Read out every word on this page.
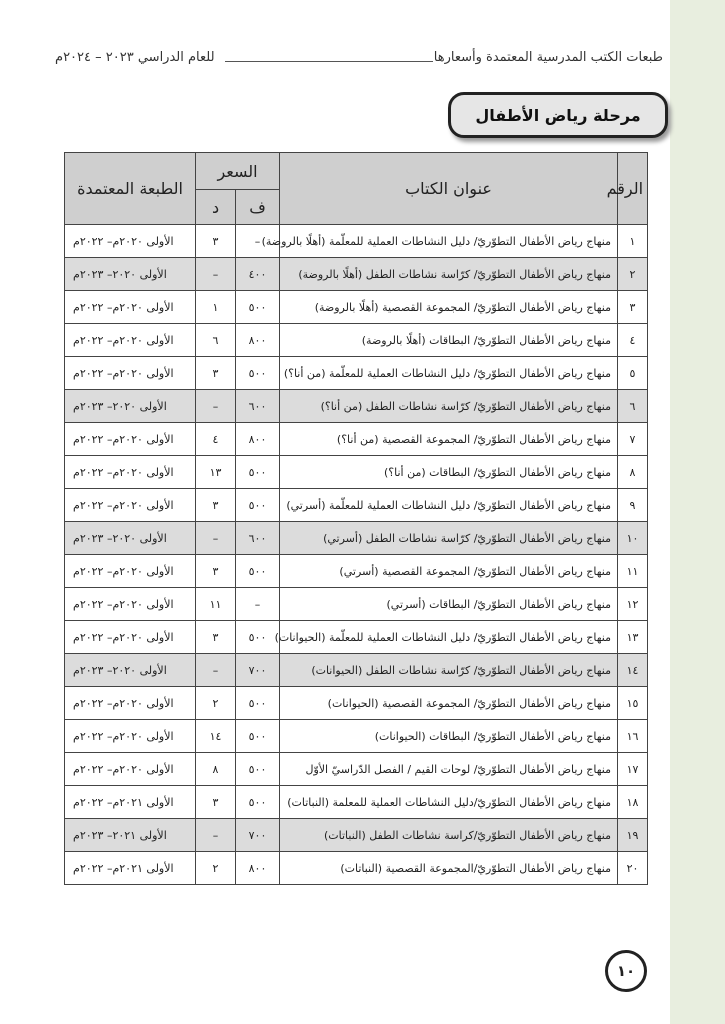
طبعات الكتب المدرسية المعتمدة وأسعارها
للعام الدراسي ٢٠٢٣ – ٢٠٢٤م
مرحلة رياض الأطفال
الرقم	عنوان الكتاب	السعر		الطبعة المعتمدة
		ف	د	
١	منهاج رياض الأطفال التطوّريّ/ دليل النشاطات العملية للمعلّمة (أهلًا بالروضة)	–	٣	الأولى ٢٠٢٠م– ٢٠٢٢م
٢	منهاج رياض الأطفال التطوّريّ/ كرّاسة نشاطات الطفل (أهلًا بالروضة)	٤٠٠	–	الأولى ٢٠٢٠– ٢٠٢٣م
٣	منهاج رياض الأطفال التطوّريّ/ المجموعة القصصية (أهلًا بالروضة)	٥٠٠	١	الأولى ٢٠٢٠م– ٢٠٢٢م
٤	منهاج رياض الأطفال التطوّريّ/ البطاقات (أهلًا بالروضة)	٨٠٠	٦	الأولى ٢٠٢٠م– ٢٠٢٢م
٥	منهاج رياض الأطفال التطوّريّ/ دليل النشاطات العملية للمعلّمة (من أنا؟)	٥٠٠	٣	الأولى ٢٠٢٠م– ٢٠٢٢م
٦	منهاج رياض الأطفال التطوّريّ/ كرّاسة نشاطات الطفل (من أنا؟)	٦٠٠	–	الأولى ٢٠٢٠– ٢٠٢٣م
٧	منهاج رياض الأطفال التطوّريّ/ المجموعة القصصية (من أنا؟)	٨٠٠	٤	الأولى ٢٠٢٠م– ٢٠٢٢م
٨	منهاج رياض الأطفال التطوّريّ/ البطاقات (من أنا؟)	٥٠٠	١٣	الأولى ٢٠٢٠م– ٢٠٢٢م
٩	منهاج رياض الأطفال التطوّريّ/ دليل النشاطات العملية للمعلّمة (أسرتي)	٥٠٠	٣	الأولى ٢٠٢٠م– ٢٠٢٢م
١٠	منهاج رياض الأطفال التطوّريّ/ كرّاسة نشاطات الطفل (أسرتي)	٦٠٠	–	الأولى ٢٠٢٠– ٢٠٢٣م
١١	منهاج رياض الأطفال التطوّريّ/ المجموعة القصصية (أسرتي)	٥٠٠	٣	الأولى ٢٠٢٠م– ٢٠٢٢م
١٢	منهاج رياض الأطفال التطوّريّ/ البطاقات (أسرتي)	–	١١	الأولى ٢٠٢٠م– ٢٠٢٢م
١٣	منهاج رياض الأطفال التطوّريّ/ دليل النشاطات العملية للمعلّمة (الحيوانات)	٥٠٠	٣	الأولى ٢٠٢٠م– ٢٠٢٢م
١٤	منهاج رياض الأطفال التطوّريّ/ كرّاسة نشاطات الطفل (الحيوانات)	٧٠٠	–	الأولى ٢٠٢٠– ٢٠٢٣م
١٥	منهاج رياض الأطفال التطوّريّ/ المجموعة القصصية (الحيوانات)	٥٠٠	٢	الأولى ٢٠٢٠م– ٢٠٢٢م
١٦	منهاج رياض الأطفال التطوّريّ/ البطاقات (الحيوانات)	٥٠٠	١٤	الأولى ٢٠٢٠م– ٢٠٢٢م
١٧	منهاج رياض الأطفال التطوّريّ/ لوحات القيم / الفصل الدّراسيّ الأوّل	٥٠٠	٨	الأولى ٢٠٢٠م– ٢٠٢٢م
١٨	منهاج رياض الأطفال التطوّريّ/دليل النشاطات العملية للمعلمة (النباتات)	٥٠٠	٣	الأولى ٢٠٢١م– ٢٠٢٢م
١٩	منهاج رياض الأطفال التطوّريّ/كراسة نشاطات الطفل (النباتات)	٧٠٠	–	الأولى ٢٠٢١– ٢٠٢٣م
٢٠	منهاج رياض الأطفال التطوّريّ/المجموعة القصصية (النباتات)	٨٠٠	٢	الأولى ٢٠٢١م– ٢٠٢٢م
١٠
